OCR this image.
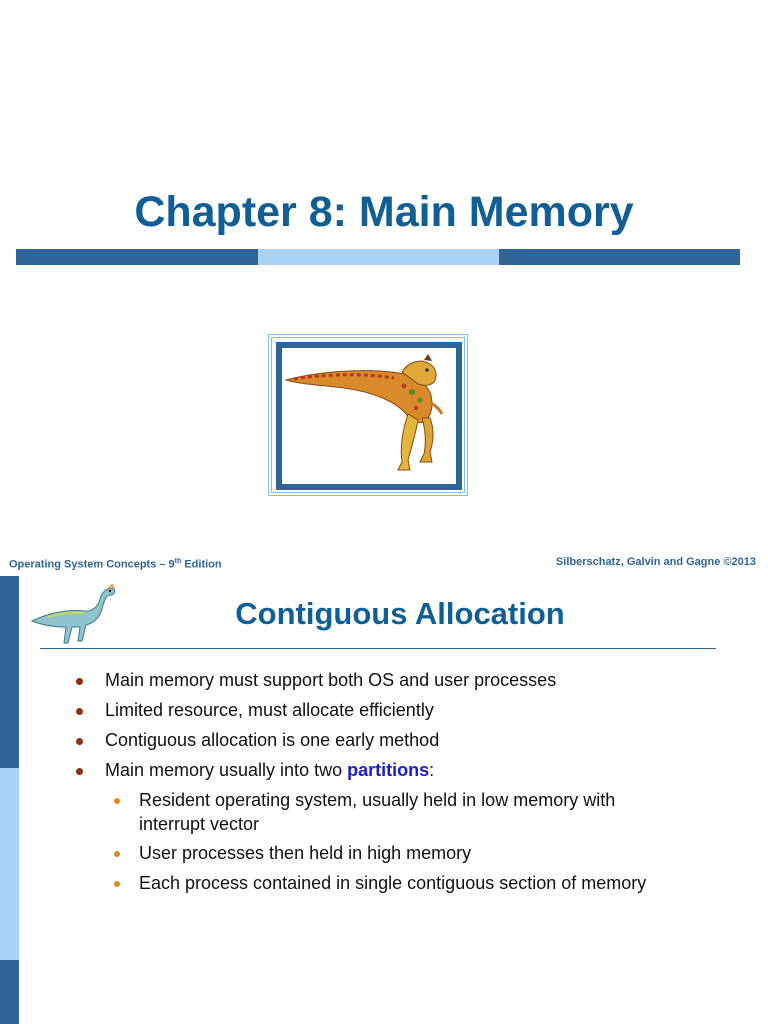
Chapter 8: Main Memory
Operating System Concepts – 9th Edition	Silberschatz, Galvin and Gagne ©2013
Contiguous Allocation
Main memory must support both OS and user processes
Limited resource, must allocate efficiently
Contiguous allocation is one early method
Main memory usually into two partitions:
Resident operating system, usually held in low memory with interrupt vector
User processes then held in high memory
Each process contained in single contiguous section of memory
